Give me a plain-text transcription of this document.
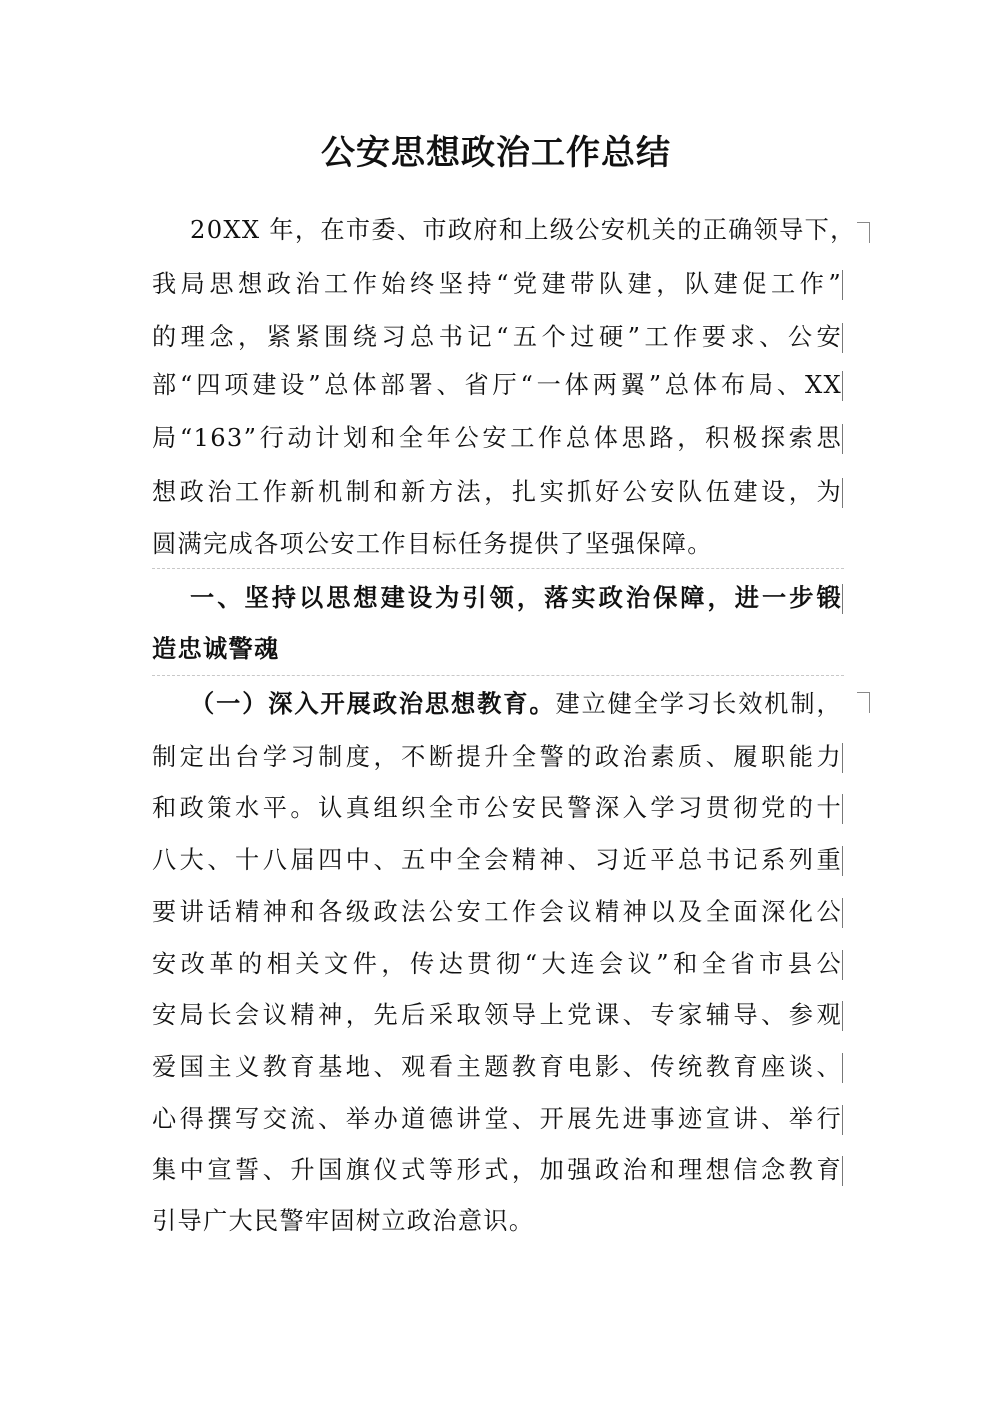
公安思想政治工作总结

20XX 年，在市委、市政府和上级公安机关的正确领导下，

我局思想政治工作始终坚持“党建带队建，队建促工作”

的理念，紧紧围绕习总书记“五个过硬”工作要求、公安

部“四项建设”总体部署、省厅“一体两翼”总体布局、XX

局“163”行动计划和全年公安工作总体思路，积极探索思

想政治工作新机制和新方法，扎实抓好公安队伍建设，为

圆满完成各项公安工作目标任务提供了坚强保障。

一、坚持以思想建设为引领，落实政治保障，进一步锻

造忠诚警魂

（一）深入开展政治思想教育。建立健全学习长效机制，

制定出台学习制度，不断提升全警的政治素质、履职能力

和政策水平。认真组织全市公安民警深入学习贯彻党的十

八大、十八届四中、五中全会精神、习近平总书记系列重

要讲话精神和各级政法公安工作会议精神以及全面深化公

安改革的相关文件，传达贯彻“大连会议”和全省市县公

安局长会议精神，先后采取领导上党课、专家辅导、参观

爱国主义教育基地、观看主题教育电影、传统教育座谈、

心得撰写交流、举办道德讲堂、开展先进事迹宣讲、举行

集中宣誓、升国旗仪式等形式，加强政治和理想信念教育

引导广大民警牢固树立政治意识。
